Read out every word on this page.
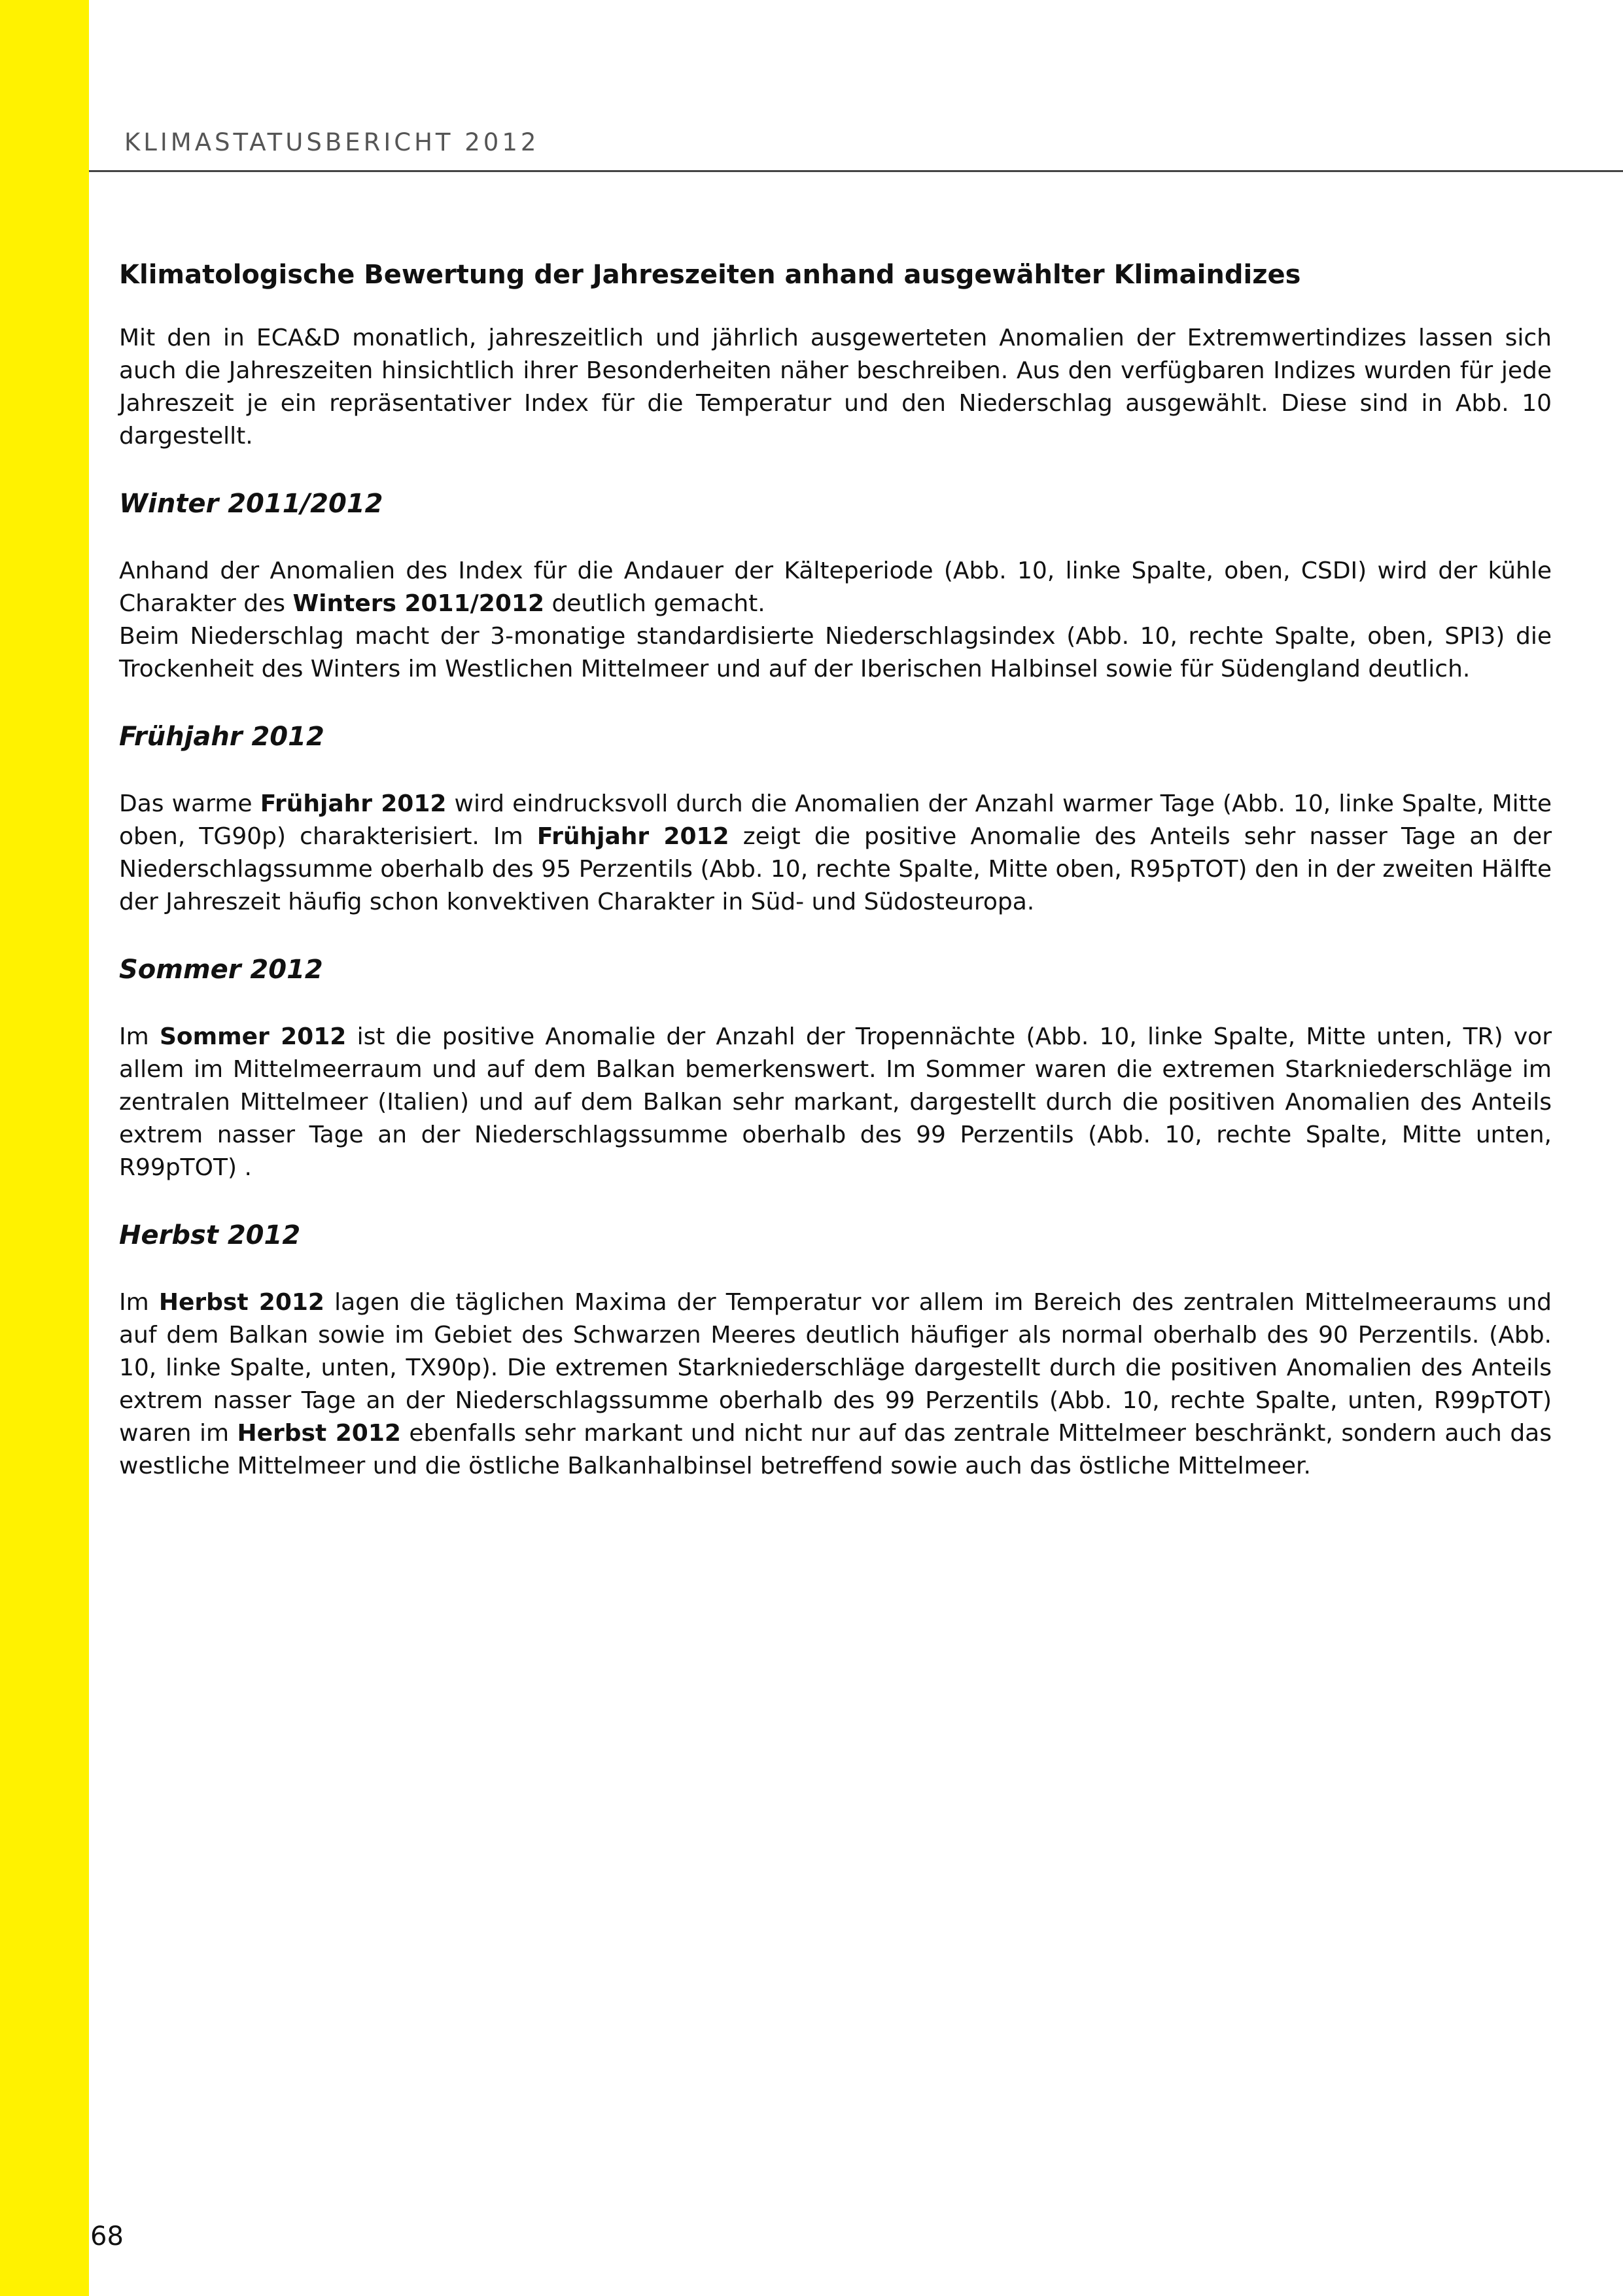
KLIMASTATUSBERICHT 2012
Klimatologische Bewertung der Jahreszeiten anhand ausgewählter Klimaindizes

Mit den in ECA&D monatlich, jahreszeitlich und jährlich ausgewerteten Anomalien der Extremwertindizes lassen sich auch die Jahreszeiten hinsichtlich ihrer Besonderheiten näher beschreiben. Aus den verfügbaren Indizes wurden für jede Jahreszeit je ein repräsentativer Index für die Temperatur und den Niederschlag ausgewählt. Diese sind in Abb. 10 dargestellt.

Winter 2011/2012

Anhand der Anomalien des Index für die Andauer der Kälteperiode (Abb. 10, linke Spalte, oben, CSDI) wird der kühle Charakter des Winters 2011/2012 deutlich gemacht.

Beim Niederschlag macht der 3-monatige standardisierte Niederschlagsindex (Abb. 10, rechte Spalte, oben, SPI3) die Trockenheit des Winters im Westlichen Mittelmeer und auf der Iberischen Halbinsel sowie für Südengland deutlich.

Frühjahr 2012

Das warme Frühjahr 2012 wird eindrucksvoll durch die Anomalien der Anzahl warmer Tage (Abb. 10, linke Spalte, Mitte oben, TG90p) charakterisiert. Im Frühjahr 2012 zeigt die positive Anomalie des Anteils sehr nasser Tage an der Niederschlagssumme oberhalb des 95 Perzentils (Abb. 10, rechte Spalte, Mitte oben, R95pTOT) den in der zweiten Hälfte der Jahreszeit häufig schon konvektiven Charakter in Süd- und Südosteuropa.

Sommer 2012

Im Sommer 2012 ist die positive Anomalie der Anzahl der Tropennächte (Abb. 10, linke Spalte, Mitte unten, TR) vor allem im Mittelmeerraum und auf dem Balkan bemerkenswert. Im Sommer waren die extremen Starkniederschläge im zentralen Mittelmeer (Italien) und auf dem Balkan sehr markant, dargestellt durch die positiven Anomalien des Anteils extrem nasser Tage an der Niederschlagssumme oberhalb des 99 Perzentils (Abb. 10, rechte Spalte, Mitte unten, R99pTOT) .

Herbst 2012

Im Herbst 2012 lagen die täglichen Maxima der Temperatur vor allem im Bereich des zentralen Mittelmeeraums und auf dem Balkan sowie im Gebiet des Schwarzen Meeres deutlich häufiger als normal oberhalb des 90 Perzentils. (Abb. 10, linke Spalte, unten, TX90p). Die extremen Starkniederschläge dargestellt durch die positiven Anomalien des Anteils extrem nasser Tage an der Niederschlagssumme oberhalb des 99 Perzentils (Abb. 10, rechte Spalte, unten, R99pTOT) waren im Herbst 2012 ebenfalls sehr markant und nicht nur auf das zentrale Mittelmeer beschränkt, sondern auch das westliche Mittelmeer und die östliche Balkanhalbinsel betreffend sowie auch das östliche Mittelmeer.

68
